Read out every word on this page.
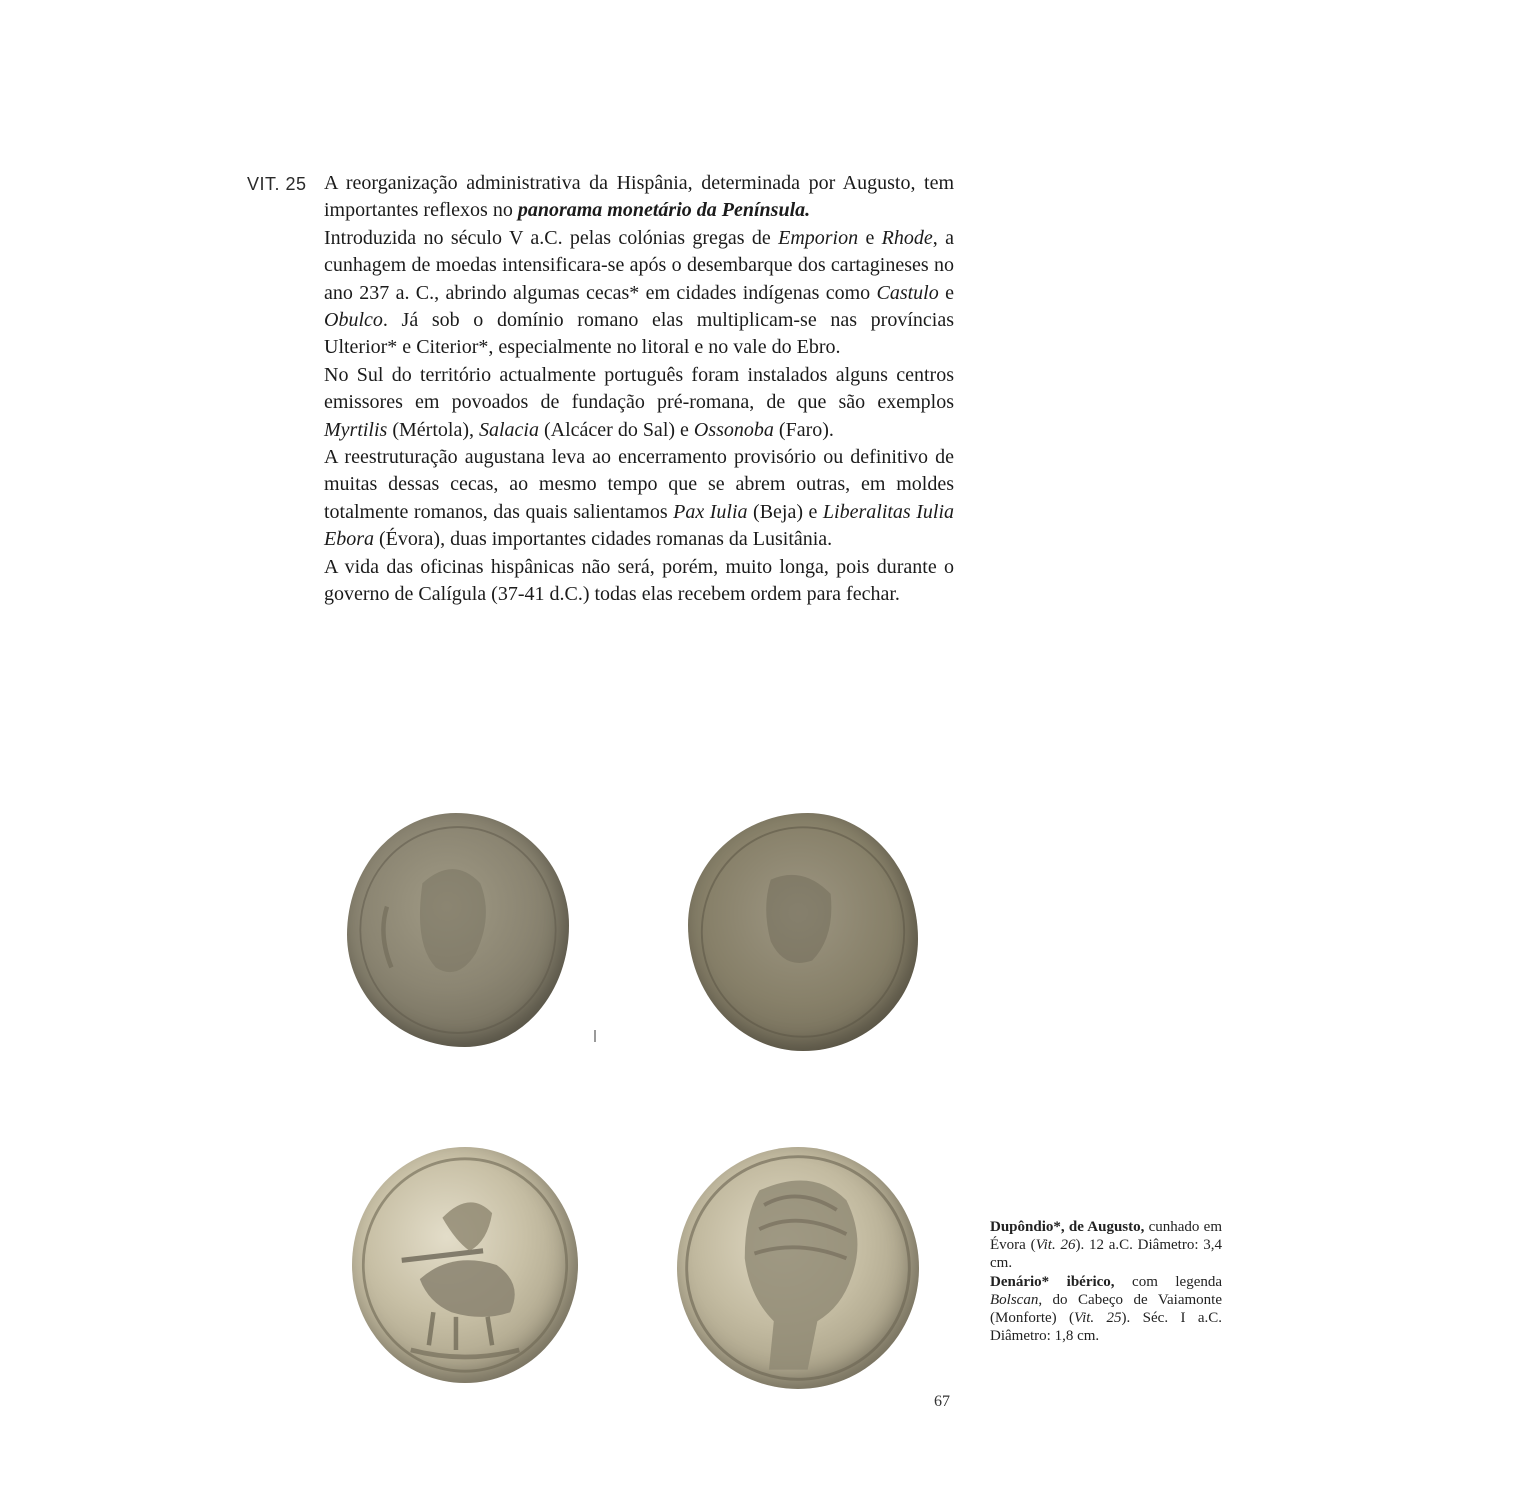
VIT. 25 A reorganização administrativa da Hispânia, determinada por Augusto, tem importantes reflexos no panorama monetário da Península.

Introduzida no século V a.C. pelas colónias gregas de Emporion e Rhode, a cunhagem de moedas intensificara-se após o desembarque dos cartagineses no ano 237 a. C., abrindo algumas cecas* em cidades indígenas como Castulo e Obulco. Já sob o domínio romano elas multiplicam-se nas províncias Ulterior* e Citerior*, especialmente no litoral e no vale do Ebro.

No Sul do território actualmente português foram instalados alguns centros emissores em povoados de fundação pré-romana, de que são exemplos Myrtilis (Mértola), Salacia (Alcácer do Sal) e Ossonoba (Faro).

A reestruturação augustana leva ao encerramento provisório ou definitivo de muitas dessas cecas, ao mesmo tempo que se abrem outras, em moldes totalmente romanos, das quais salientamos Pax Iulia (Beja) e Liberalitas Iulia Ebora (Évora), duas importantes cidades romanas da Lusitânia.

A vida das oficinas hispânicas não será, porém, muito longa, pois durante o governo de Calígula (37-41 d.C.) todas elas recebem ordem para fechar.

Dupôndio*, de Augusto, cunhado em Évora (Vit. 26). 12 a.C. Diâmetro: 3,4 cm.

Denário* ibérico, com legenda Bolscan, do Cabeço de Vaiamonte (Monforte) (Vit. 25). Séc. I a.C. Diâmetro: 1,8 cm.

67
